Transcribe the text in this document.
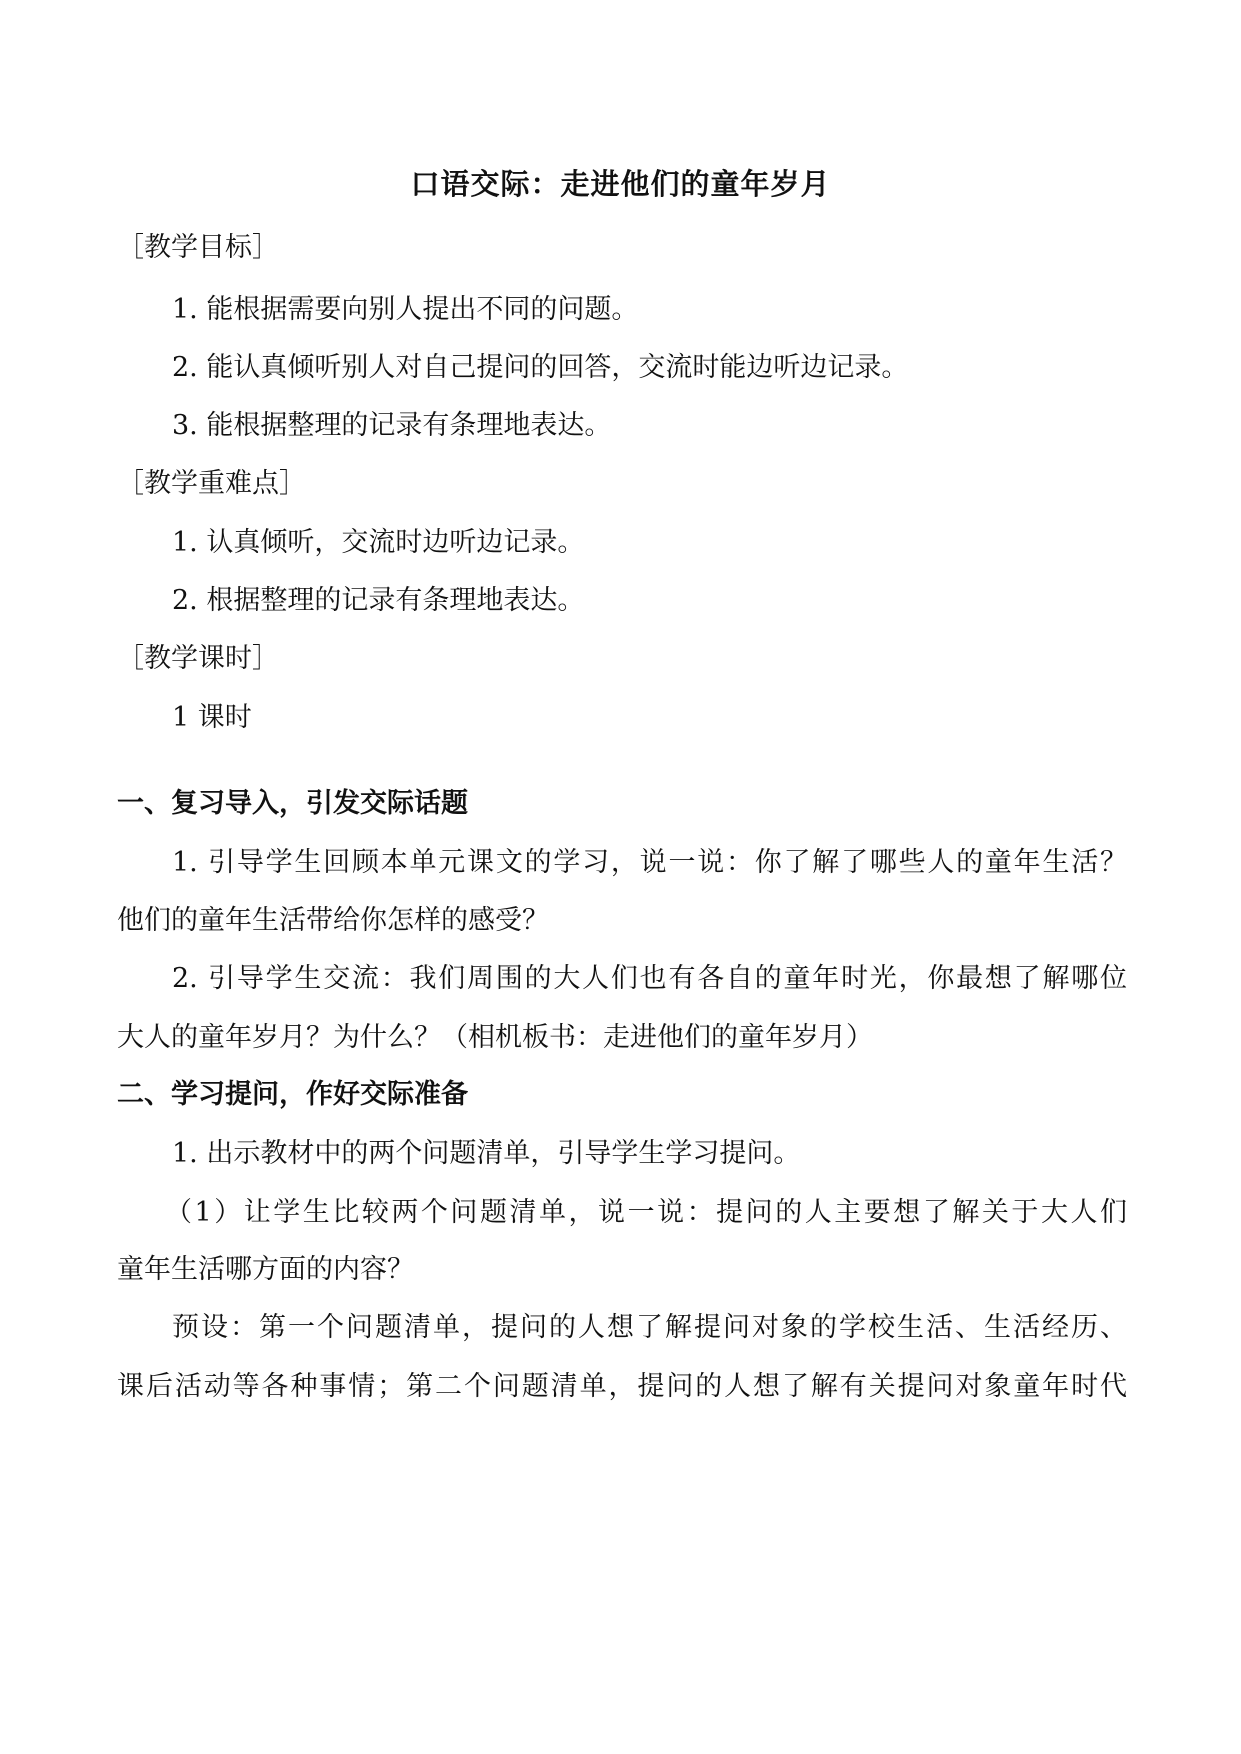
口语交际：走进他们的童年岁月
［教学目标］
1. 能根据需要向别人提出不同的问题。
2. 能认真倾听别人对自己提问的回答，交流时能边听边记录。
3. 能根据整理的记录有条理地表达。
［教学重难点］
1. 认真倾听，交流时边听边记录。
2. 根据整理的记录有条理地表达。
［教学课时］
1 课时
一、复习导入，引发交际话题
1. 引导学生回顾本单元课文的学习，说一说：你了解了哪些人的童年生活？
他们的童年生活带给你怎样的感受？
2. 引导学生交流：我们周围的大人们也有各自的童年时光，你最想了解哪位
大人的童年岁月？为什么？（相机板书：走进他们的童年岁月）
二、学习提问，作好交际准备
1. 出示教材中的两个问题清单，引导学生学习提问。
（1）让学生比较两个问题清单，说一说：提问的人主要想了解关于大人们
童年生活哪方面的内容？
预设：第一个问题清单，提问的人想了解提问对象的学校生活、生活经历、
课后活动等各种事情；第二个问题清单，提问的人想了解有关提问对象童年时代
